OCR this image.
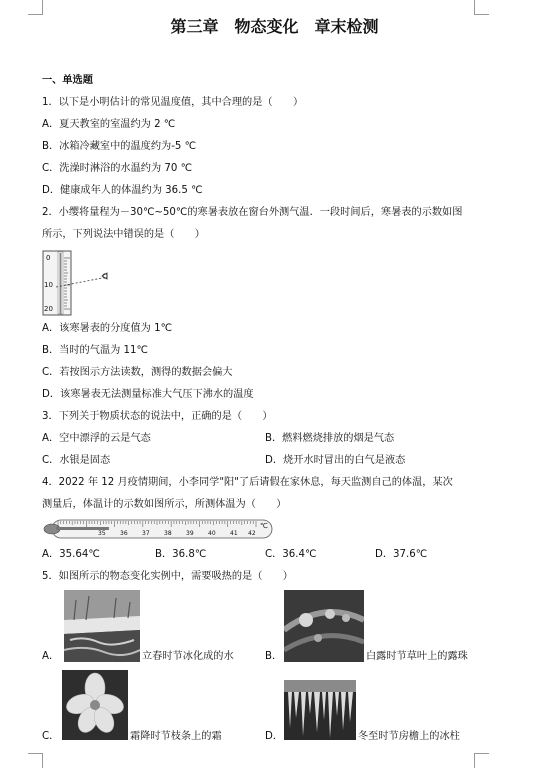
第三章　物态变化　章末检测
一、单选题
1．以下是小明估计的常见温度值，其中合理的是（　　）
A．夏天教室的室温约为 2 ℃
B．冰箱冷藏室中的温度约为-5 ℃
C．洗澡时淋浴的水温约为 70 ℃
D．健康成年人的体温约为 36.5 ℃
2．小缨将量程为－30℃~50℃的寒暑表放在窗台外测气温．一段时间后，寒暑表的示数如图
所示，下列说法中错误的是（　　）
0
10
20
A．该寒暑表的分度值为 1℃
B．当时的气温为 11℃
C．若按图示方法读数，测得的数据会偏大
D．该寒暑表无法测量标准大气压下沸水的温度
3．下列关于物质状态的说法中，正确的是（　　）
A．空中漂浮的云是气态	B．燃料燃烧排放的烟是气态
C．水银是固态	D．烧开水时冒出的白气是液态
4．2022 年 12 月疫情期间，小李同学"阳"了后请假在家休息，每天监测自己的体温，某次
测量后，体温计的示数如图所示，所测体温为（　　）
35 36 37 38 39 40 41 42
℃
A．35.64℃	B．36.8℃	C．36.4℃	D．37.6℃
5．如图所示的物态变化实例中，需要吸热的是（　　）
A．	立春时节冰化成的水	B．	白露时节草叶上的露珠
C．	霜降时节枝条上的霜	D．	冬至时节房檐上的冰柱
